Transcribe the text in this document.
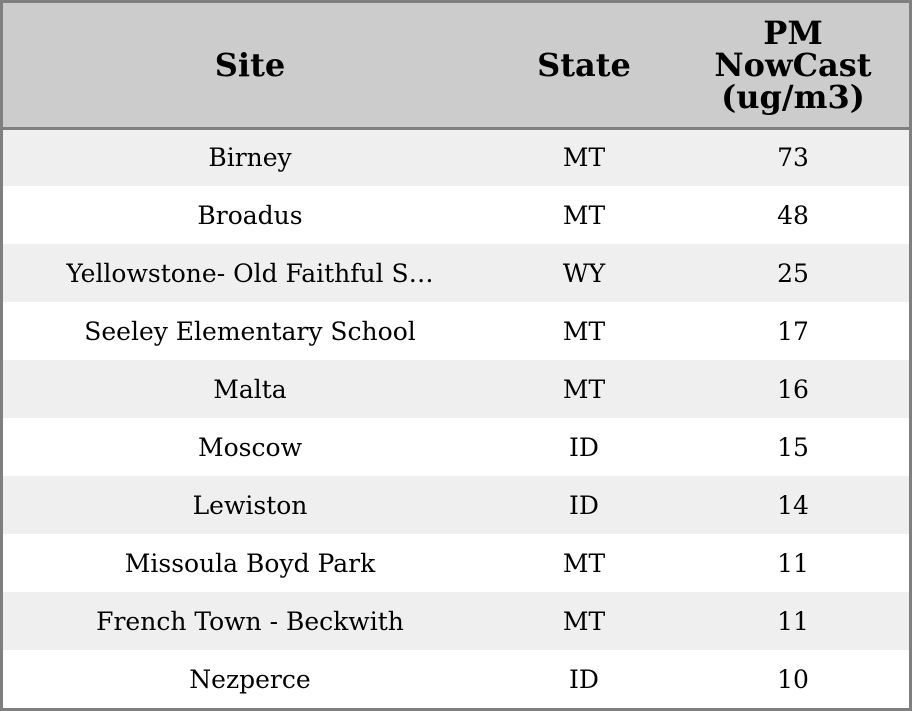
Site	State	PM
NowCast
(ug/m3)

Birney	MT	73
Broadus	MT	48
Yellowstone- Old Faithful S…	WY	25
Seeley Elementary School	MT	17
Malta	MT	16
Moscow	ID	15
Lewiston	ID	14
Missoula Boyd Park	MT	11
French Town - Beckwith	MT	11
Nezperce	ID	10
